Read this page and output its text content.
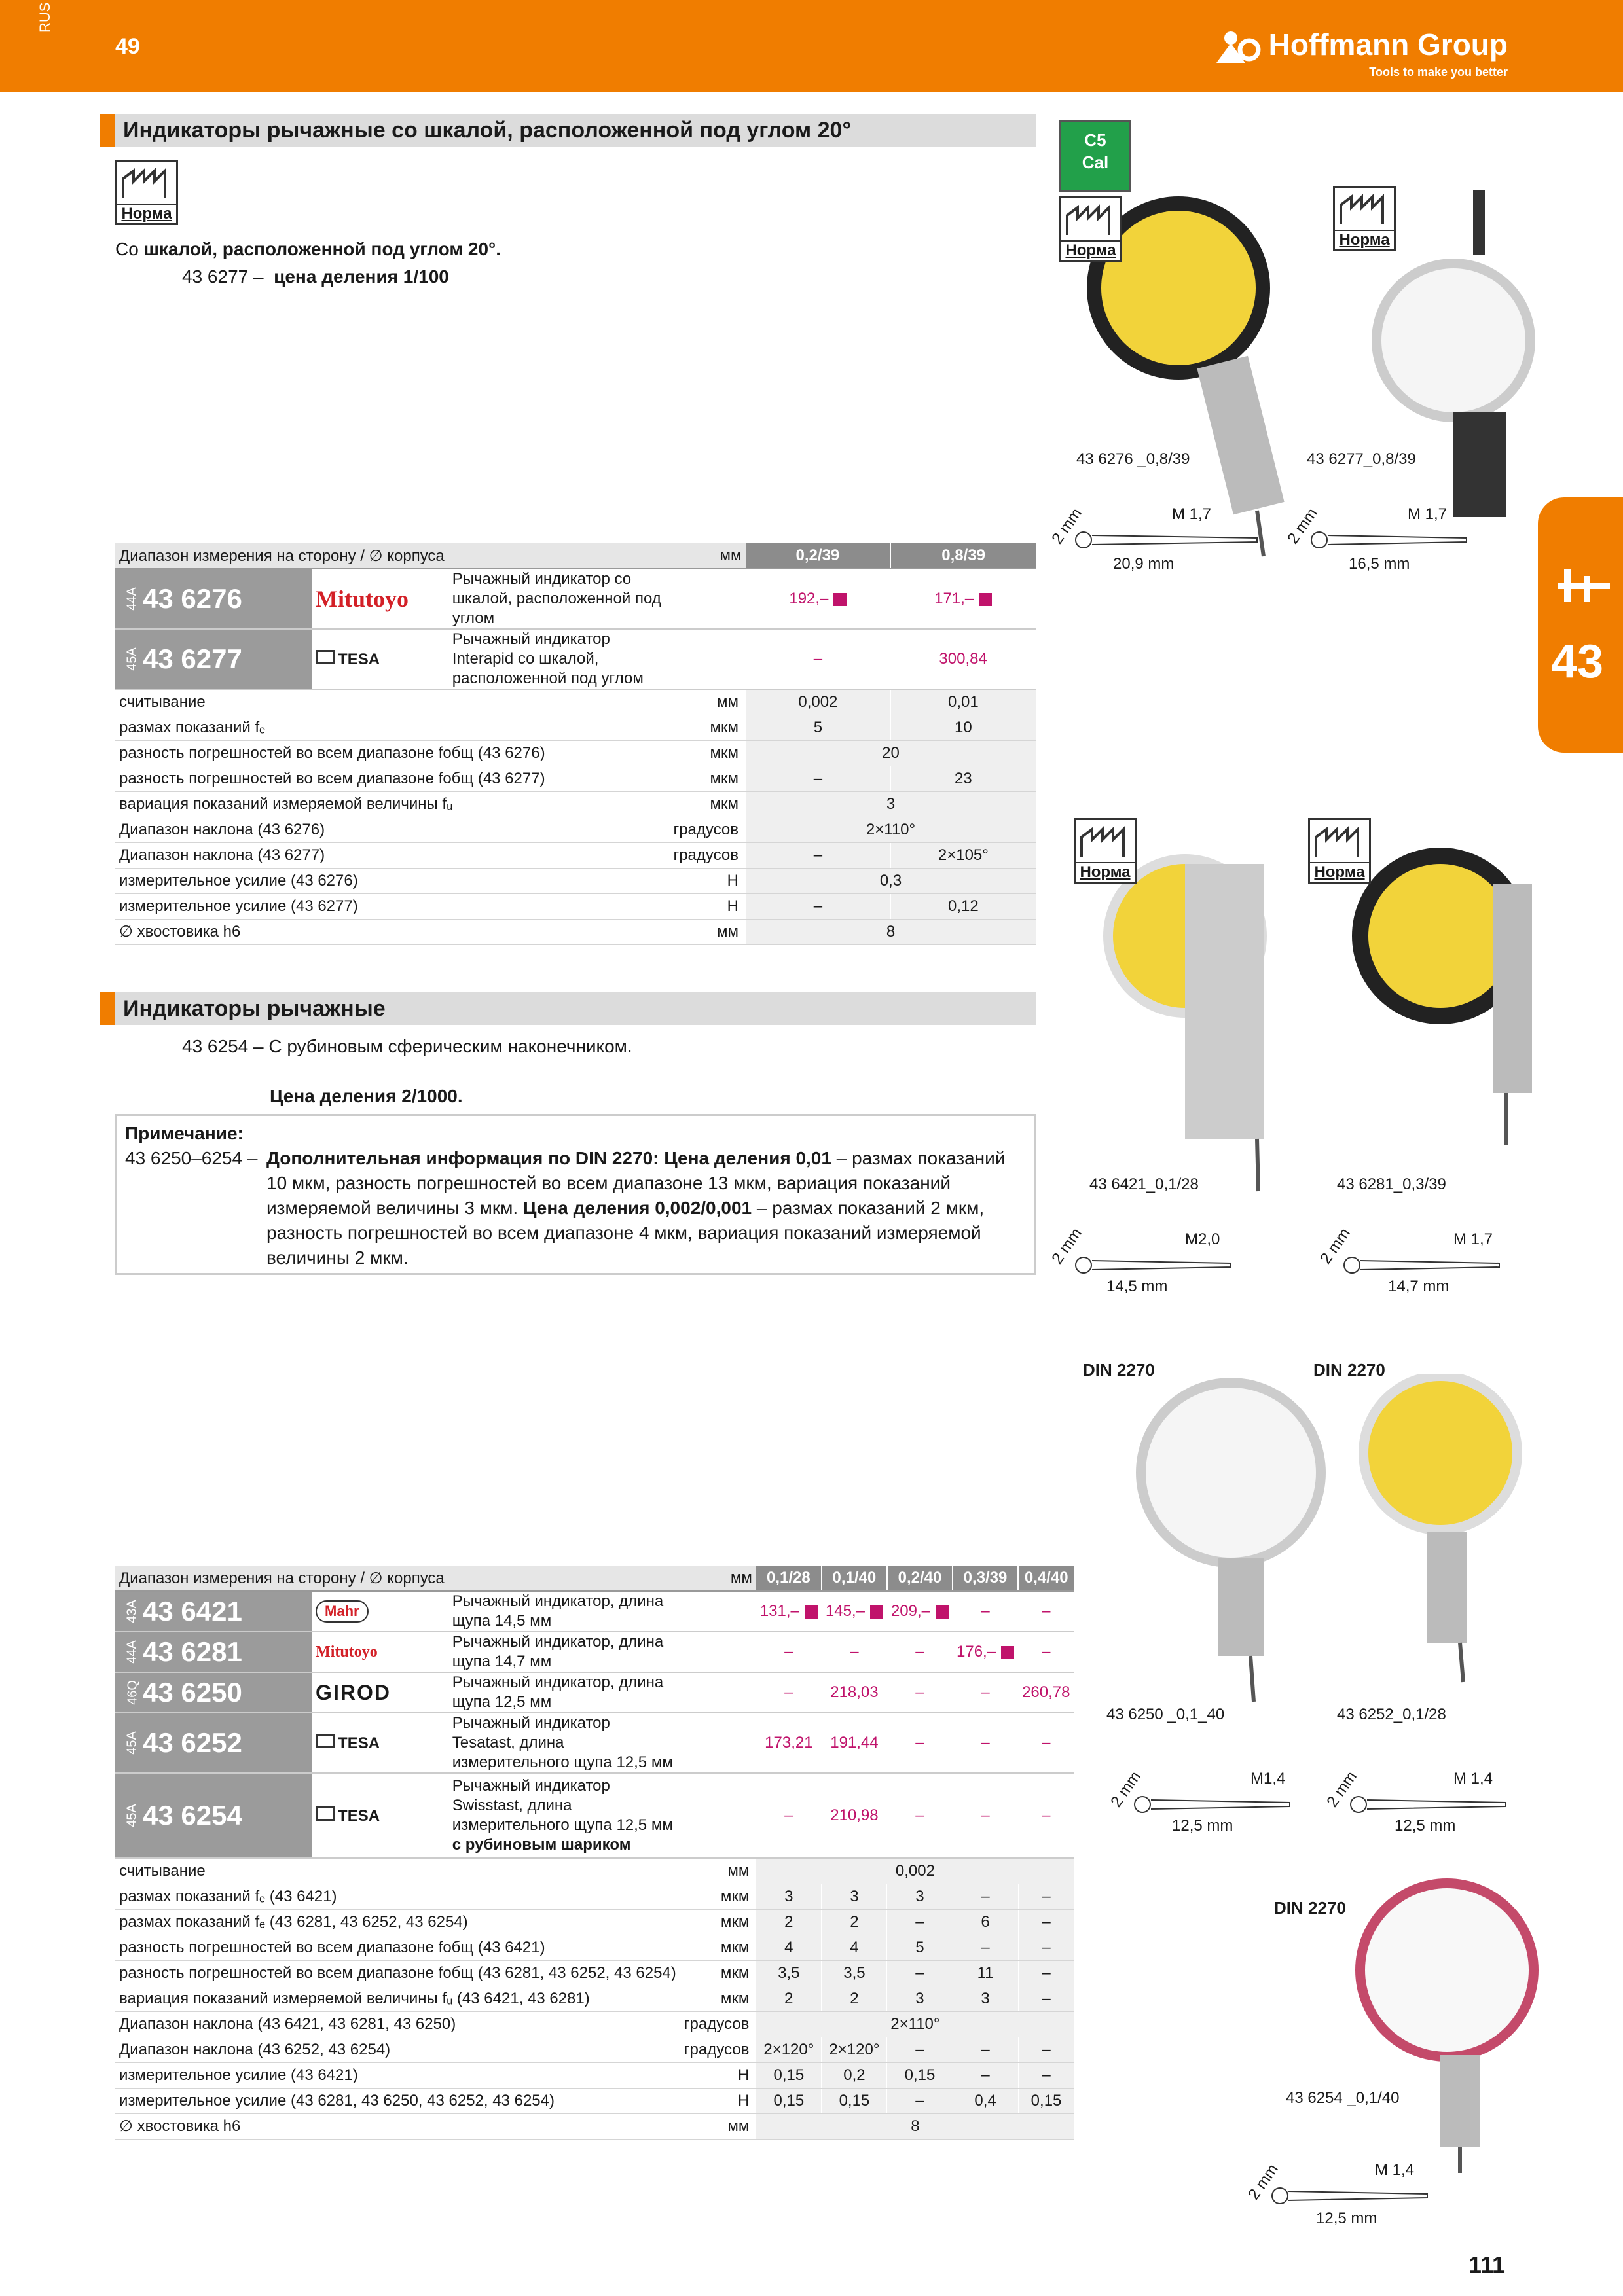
RUS
49	Hoffmann Group
Tools to make you better
Индикаторы рычажные со шкалой, расположенной под углом 20°
Норма
Со шкалой, расположенной под углом 20°.
43 6277 – цена деления 1/100
Диапазон измерения на сторону / ∅ корпуса			мм	0,2/39	0,8/39

44A 43 6276	Mitutoyo	Рычажный индикатор со шкалой, расположенной под углом		192,–	171,–

45A 43 6277	TESA	Рычажный индикатор Interapid со шкалой, расположенной под углом		–	300,84
считывание			мм	0,002	0,01
размах показаний fₑ			мкм	5	10
разность погрешностей во всем диапазоне fобщ (43 6276)			мкм	20	
разность погрешностей во всем диапазоне fобщ (43 6277)			мкм	–	23
вариация показаний измеряемой величины fᵤ			мкм	3	
Диапазон наклона (43 6276)			градусов	2×110°	
Диапазон наклона (43 6277)			градусов	–	2×105°
измерительное усилие (43 6276)			Н	0,3	
измерительное усилие (43 6277)			Н	–	0,12
∅ хвостовика h6			мм	8	
Индикаторы рычажные
43 6254 – С рубиновым сферическим наконечником.
Цена деления 2/1000.
Примечание:
43 6250–6254 – Дополнительная информация по DIN 2270: Цена деления 0,01 – размах показаний 10 мкм, разность погрешностей во всем диапазоне 13 мкм, вариация показаний измеряемой величины 3 мкм. Цена деления 0,002/0,001 – размах показаний 2 мкм, разность погрешностей во всем диапазоне 4 мкм, вариация показаний измеряемой величины 2 мкм.
Диапазон измерения на сторону / ∅ корпуса			мм	0,1/28	0,1/40	0,2/40	0,3/39	0,4/40

43A 43 6421	Mahr	Рычажный индикатор, длина щупа 14,5 мм		131,–	145,–	209,–	–	–

44A 43 6281	Mitutoyo	Рычажный индикатор, длина щупа 14,7 мм		–	–	–	176,–	–

46Q 43 6250	GIROD	Рычажный индикатор, длина щупа 12,5 мм		–	218,03	–	–	260,78

45A 43 6252	TESA	Рычажный индикатор Tesatast, длина измерительного щупа 12,5 мм		173,21	191,44	–	–	–

45A 43 6254	TESA	Рычажный индикатор Swisstast, длина измерительного щупа 12,5 мм с рубиновым шариком		–	210,98	–	–	–
считывание			мм	0,002				
размах показаний fₑ (43 6421)			мкм	3	3	3	–	–
размах показаний fₑ (43 6281, 43 6252, 43 6254)			мкм	2	2	–	6	–
разность погрешностей во всем диапазоне fобщ (43 6421)			мкм	4	4	5	–	–
разность погрешностей во всем диапазоне fобщ (43 6281, 43 6252, 43 6254)			мкм	3,5	3,5	–	11	–
вариация показаний измеряемой величины fᵤ (43 6421, 43 6281)			мкм	2	2	3	3	–
Диапазон наклона (43 6421, 43 6281, 43 6250)			градусов	2×110°				
Диапазон наклона (43 6252, 43 6254)			градусов	2×120°	2×120°	–	–	–
измерительное усилие (43 6421)			Н	0,15	0,2	0,15	–	–
измерительное усилие (43 6281, 43 6250, 43 6252, 43 6254)			Н	0,15	0,15	–	0,4	0,15
∅ хвостовика h6			мм	8				
C5
Cal
Норма
Норма
43 6276 _0,8/39	43 6277_0,8/39
2 mm	M 1,7
20,9 mm
2 mm	M 1,7
16,5 mm
43
Норма	Норма
43 6421_0,1/28	43 6281_0,3/39
2 mm	M2,0
14,5 mm
2 mm	M 1,7
14,7 mm
DIN 2270	DIN 2270
43 6250 _0,1_40	43 6252_0,1/28
2 mm	M1,4
12,5 mm
2 mm	M 1,4
12,5 mm
DIN 2270
43 6254 _0,1/40
2 mm	M 1,4
12,5 mm
111
